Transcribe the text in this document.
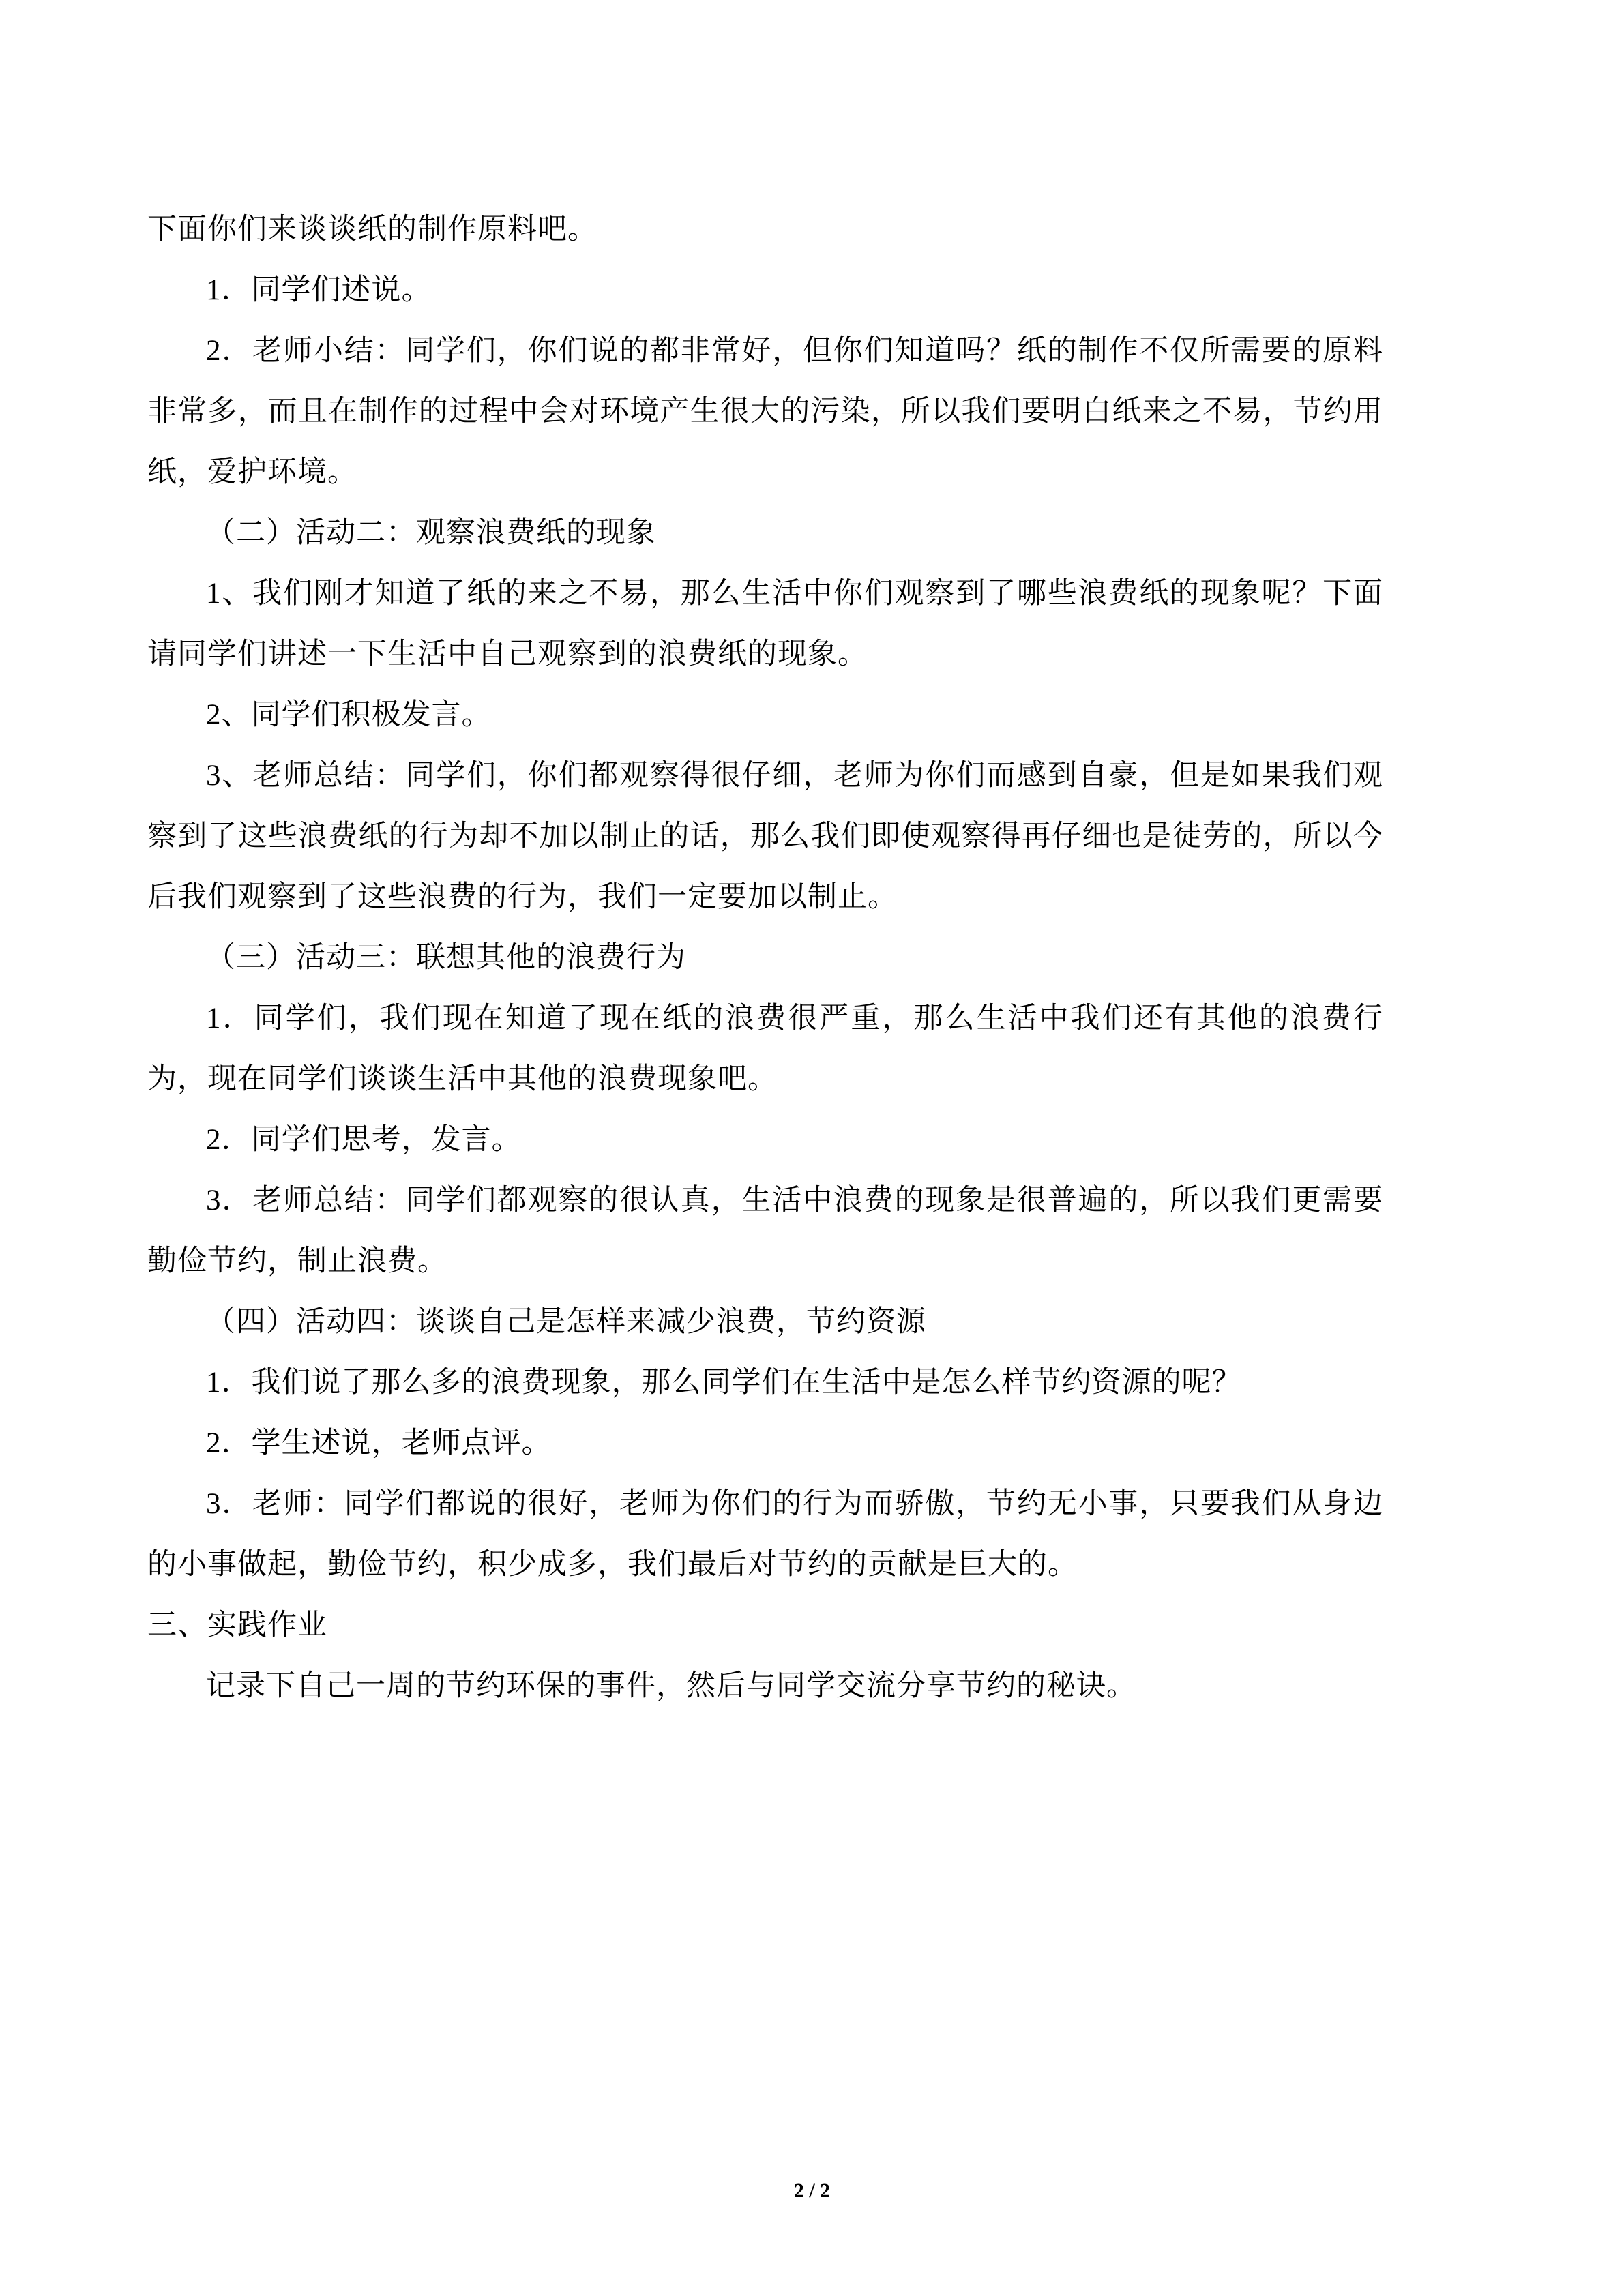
下面你们来谈谈纸的制作原料吧。

1．同学们述说。

2．老师小结：同学们，你们说的都非常好，但你们知道吗？纸的制作不仅所需要的原料非常多，而且在制作的过程中会对环境产生很大的污染，所以我们要明白纸来之不易，节约用纸，爱护环境。

（二）活动二：观察浪费纸的现象

1、我们刚才知道了纸的来之不易，那么生活中你们观察到了哪些浪费纸的现象呢？下面请同学们讲述一下生活中自己观察到的浪费纸的现象。

2、同学们积极发言。

3、老师总结：同学们，你们都观察得很仔细，老师为你们而感到自豪，但是如果我们观察到了这些浪费纸的行为却不加以制止的话，那么我们即使观察得再仔细也是徒劳的，所以今后我们观察到了这些浪费的行为，我们一定要加以制止。

（三）活动三：联想其他的浪费行为

1．同学们，我们现在知道了现在纸的浪费很严重，那么生活中我们还有其他的浪费行为，现在同学们谈谈生活中其他的浪费现象吧。

2．同学们思考，发言。

3．老师总结：同学们都观察的很认真，生活中浪费的现象是很普遍的，所以我们更需要勤俭节约，制止浪费。

（四）活动四：谈谈自己是怎样来减少浪费，节约资源

1．我们说了那么多的浪费现象，那么同学们在生活中是怎么样节约资源的呢？

2．学生述说，老师点评。

3．老师：同学们都说的很好，老师为你们的行为而骄傲，节约无小事，只要我们从身边的小事做起，勤俭节约，积少成多，我们最后对节约的贡献是巨大的。

三、实践作业

记录下自己一周的节约环保的事件，然后与同学交流分享节约的秘诀。

2 / 2
